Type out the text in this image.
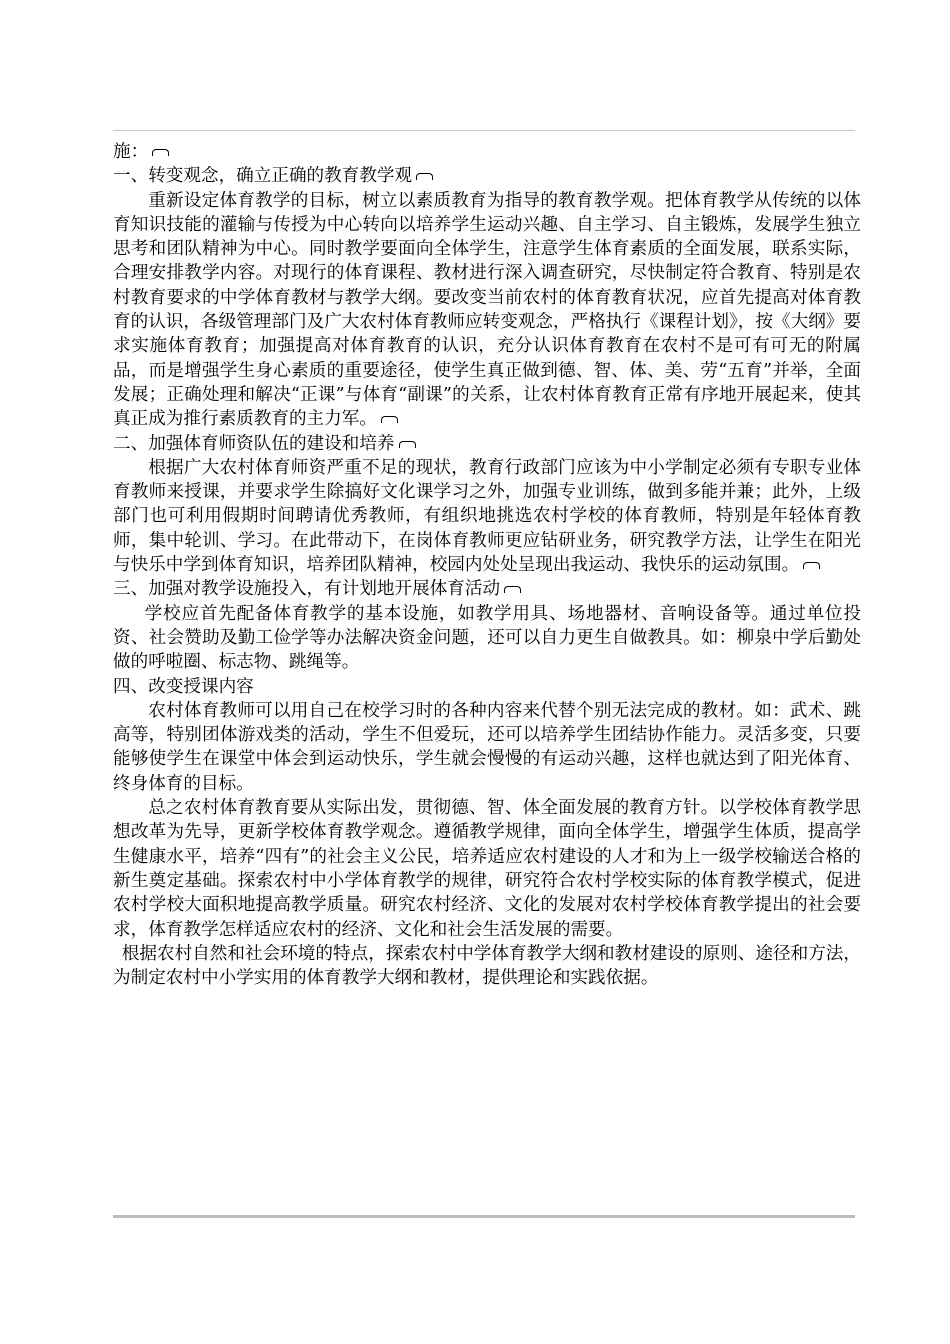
施：

一、转变观念，确立正确的教育教学观

重新设定体育教学的目标，树立以素质教育为指导的教育教学观。把体育教学从传统的以体育知识技能的灌输与传授为中心转向以培养学生运动兴趣、自主学习、自主锻炼，发展学生独立思考和团队精神为中心。同时教学要面向全体学生，注意学生体育素质的全面发展，联系实际，合理安排教学内容。对现行的体育课程、教材进行深入调查研究，尽快制定符合教育、特别是农村教育要求的中学体育教材与教学大纲。要改变当前农村的体育教育状况，应首先提高对体育教育的认识，各级管理部门及广大农村体育教师应转变观念，严格执行《课程计划》，按《大纲》要求实施体育教育；加强提高对体育教育的认识，充分认识体育教育在农村不是可有可无的附属品，而是增强学生身心素质的重要途径，使学生真正做到德、智、体、美、劳“五育”并举，全面发展；正确处理和解决“正课”与体育“副课”的关系，让农村体育教育正常有序地开展起来，使其真正成为推行素质教育的主力军。

二、加强体育师资队伍的建设和培养

根据广大农村体育师资严重不足的现状，教育行政部门应该为中小学制定必须有专职专业体育教师来授课，并要求学生除搞好文化课学习之外，加强专业训练，做到多能并兼；此外，上级部门也可利用假期时间聘请优秀教师，有组织地挑选农村学校的体育教师，特别是年轻体育教师，集中轮训、学习。在此带动下，在岗体育教师更应钻研业务，研究教学方法，让学生在阳光与快乐中学到体育知识，培养团队精神，校园内处处呈现出我运动、我快乐的运动氛围。

三、加强对教学设施投入，有计划地开展体育活动

学校应首先配备体育教学的基本设施，如教学用具、场地器材、音响设备等。通过单位投资、社会赞助及勤工俭学等办法解决资金问题，还可以自力更生自做教具。如：柳泉中学后勤处做的呼啦圈、标志物、跳绳等。

四、改变授课内容

农村体育教师可以用自己在校学习时的各种内容来代替个别无法完成的教材。如：武术、跳高等，特别团体游戏类的活动，学生不但爱玩，还可以培养学生团结协作能力。灵活多变，只要能够使学生在课堂中体会到运动快乐，学生就会慢慢的有运动兴趣，这样也就达到了阳光体育、终身体育的目标。

总之农村体育教育要从实际出发，贯彻德、智、体全面发展的教育方针。以学校体育教学思想改革为先导，更新学校体育教学观念。遵循教学规律，面向全体学生，增强学生体质，提高学生健康水平，培养“四有”的社会主义公民，培养适应农村建设的人才和为上一级学校输送合格的新生奠定基础。探索农村中小学体育教学的规律，研究符合农村学校实际的体育教学模式，促进农村学校大面积地提高教学质量。研究农村经济、文化的发展对农村学校体育教学提出的社会要求，体育教学怎样适应农村的经济、文化和社会生活发展的需要。

根据农村自然和社会环境的特点，探索农村中学体育教学大纲和教材建设的原则、途径和方法，为制定农村中小学实用的体育教学大纲和教材，提供理论和实践依据。
